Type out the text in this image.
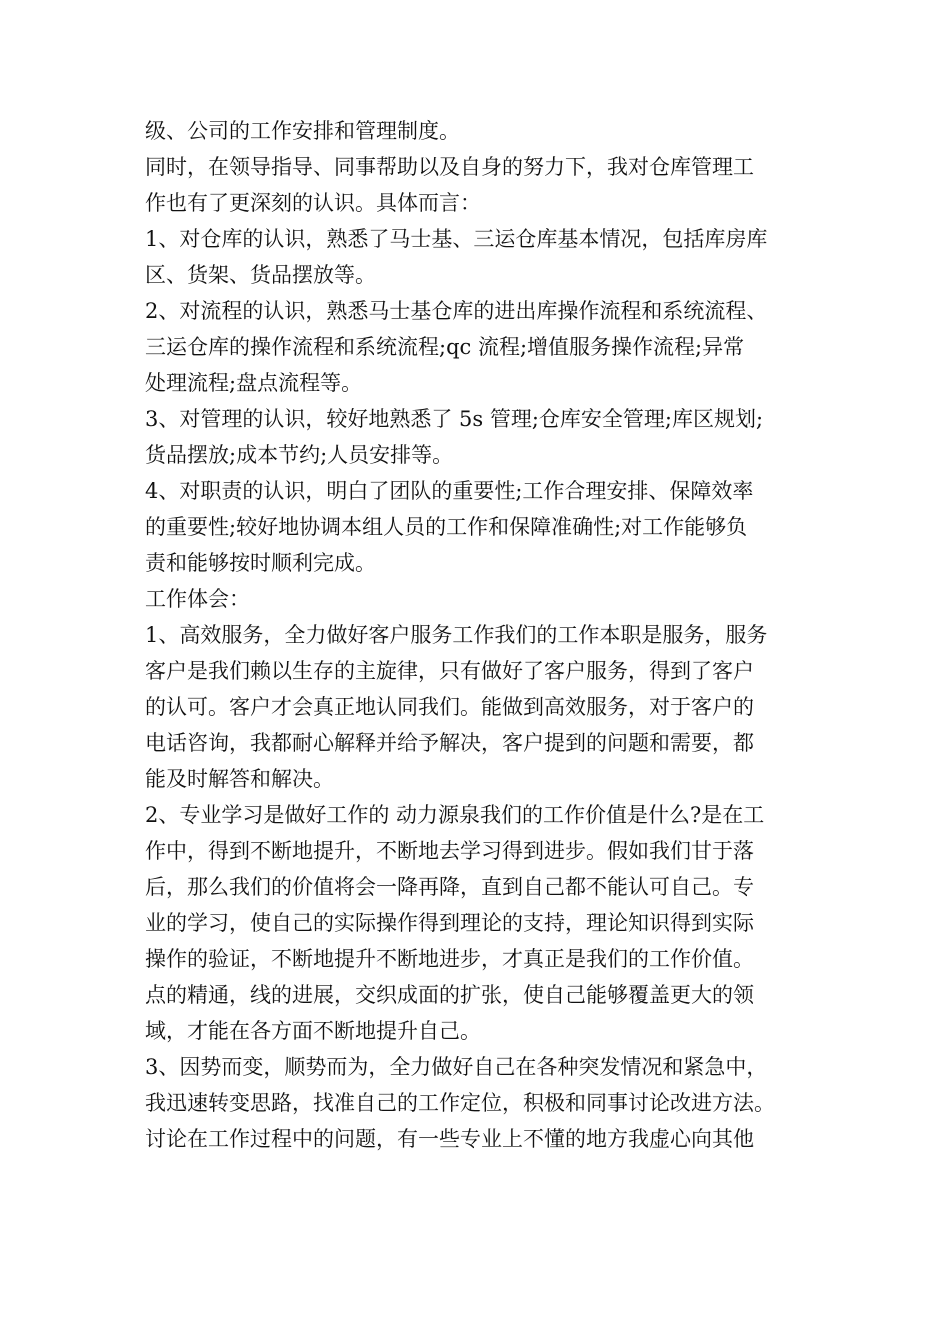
级、公司的工作安排和管理制度。
同时，在领导指导、同事帮助以及自身的努力下，我对仓库管理工
作也有了更深刻的认识。具体而言：
1、对仓库的认识，熟悉了马士基、三运仓库基本情况，包括库房库
区、货架、货品摆放等。
2、对流程的认识，熟悉马士基仓库的进出库操作流程和系统流程、
三运仓库的操作流程和系统流程;qc 流程;增值服务操作流程;异常
处理流程;盘点流程等。
3、对管理的认识，较好地熟悉了 5s 管理;仓库安全管理;库区规划;
货品摆放;成本节约;人员安排等。
4、对职责的认识，明白了团队的重要性;工作合理安排、保障效率
的重要性;较好地协调本组人员的工作和保障准确性;对工作能够负
责和能够按时顺利完成。
工作体会：
1、高效服务，全力做好客户服务工作我们的工作本职是服务，服务
客户是我们赖以生存的主旋律，只有做好了客户服务，得到了客户
的认可。客户才会真正地认同我们。能做到高效服务，对于客户的
电话咨询，我都耐心解释并给予解决，客户提到的问题和需要，都
能及时解答和解决。
2、专业学习是做好工作的 动力源泉我们的工作价值是什么?是在工
作中，得到不断地提升，不断地去学习得到进步。假如我们甘于落
后，那么我们的价值将会一降再降，直到自己都不能认可自己。专
业的学习，使自己的实际操作得到理论的支持，理论知识得到实际
操作的验证，不断地提升不断地进步，才真正是我们的工作价值。
点的精通，线的进展，交织成面的扩张，使自己能够覆盖更大的领
域，才能在各方面不断地提升自己。
3、因势而变，顺势而为，全力做好自己在各种突发情况和紧急中，
我迅速转变思路，找准自己的工作定位，积极和同事讨论改进方法。
讨论在工作过程中的问题，有一些专业上不懂的地方我虚心向其他
